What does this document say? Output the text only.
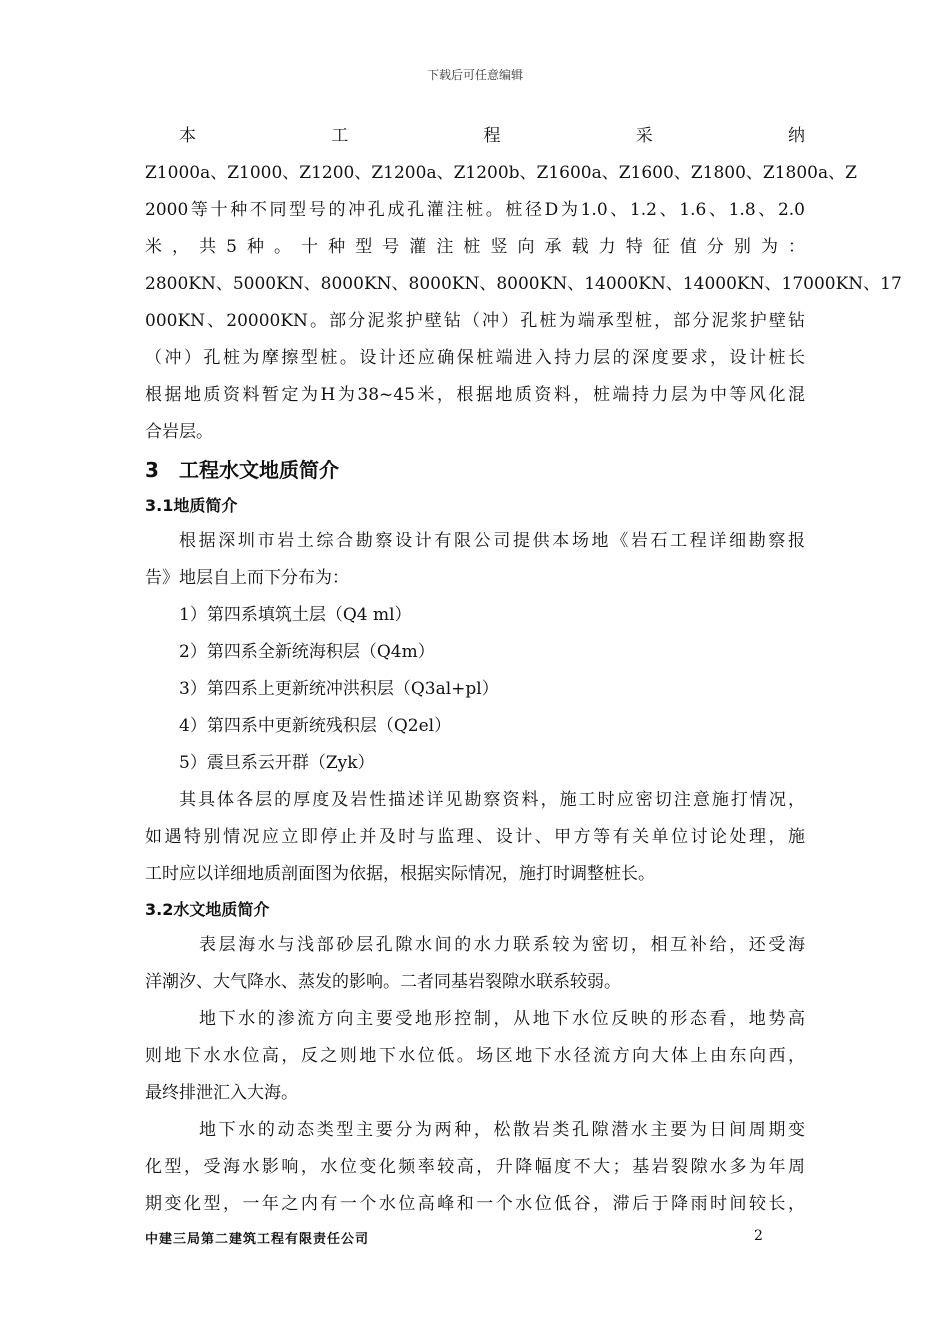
下载后可任意编辑
本工程采纳
Z1000a、Z1000、Z1200、Z1200a、Z1200b、Z1600a、Z1600、Z1800、Z1800a、Z
2000等十种不同型号的冲孔成孔灌注桩。桩径D为1.0、1.2、1.6、1.8、2.0
米，共5种。十种型号灌注桩竖向承载力特征值分别为：
2800KN、5000KN、8000KN、8000KN、8000KN、14000KN、14000KN、17000KN、17
000KN、20000KN。部分泥浆护壁钻（冲）孔桩为端承型桩，部分泥浆护壁钻
（冲）孔桩为摩擦型桩。设计还应确保桩端进入持力层的深度要求，设计桩长
根据地质资料暂定为H为38~45米，根据地质资料，桩端持力层为中等风化混
合岩层。
3 工程水文地质简介
3.1地质简介
根据深圳市岩土综合勘察设计有限公司提供本场地《岩石工程详细勘察报
告》地层自上而下分布为：
1）第四系填筑土层（Q4 ml）
2）第四系全新统海积层（Q4m）
3）第四系上更新统冲洪积层（Q3al+pl）
4）第四系中更新统残积层（Q2el）
5）震旦系云开群（Zyk）
其具体各层的厚度及岩性描述详见勘察资料，施工时应密切注意施打情况，
如遇特别情况应立即停止并及时与监理、设计、甲方等有关单位讨论处理，施
工时应以详细地质剖面图为依据，根据实际情况，施打时调整桩长。
3.2水文地质简介
表层海水与浅部砂层孔隙水间的水力联系较为密切，相互补给，还受海
洋潮汐、大气降水、蒸发的影响。二者同基岩裂隙水联系较弱。
地下水的渗流方向主要受地形控制，从地下水位反映的形态看，地势高
则地下水水位高，反之则地下水位低。场区地下水径流方向大体上由东向西，
最终排泄汇入大海。
地下水的动态类型主要分为两种，松散岩类孔隙潜水主要为日间周期变
化型，受海水影响，水位变化频率较高，升降幅度不大；基岩裂隙水多为年周
期变化型，一年之内有一个水位高峰和一个水位低谷，滞后于降雨时间较长，
中建三局第二建筑工程有限责任公司	2
